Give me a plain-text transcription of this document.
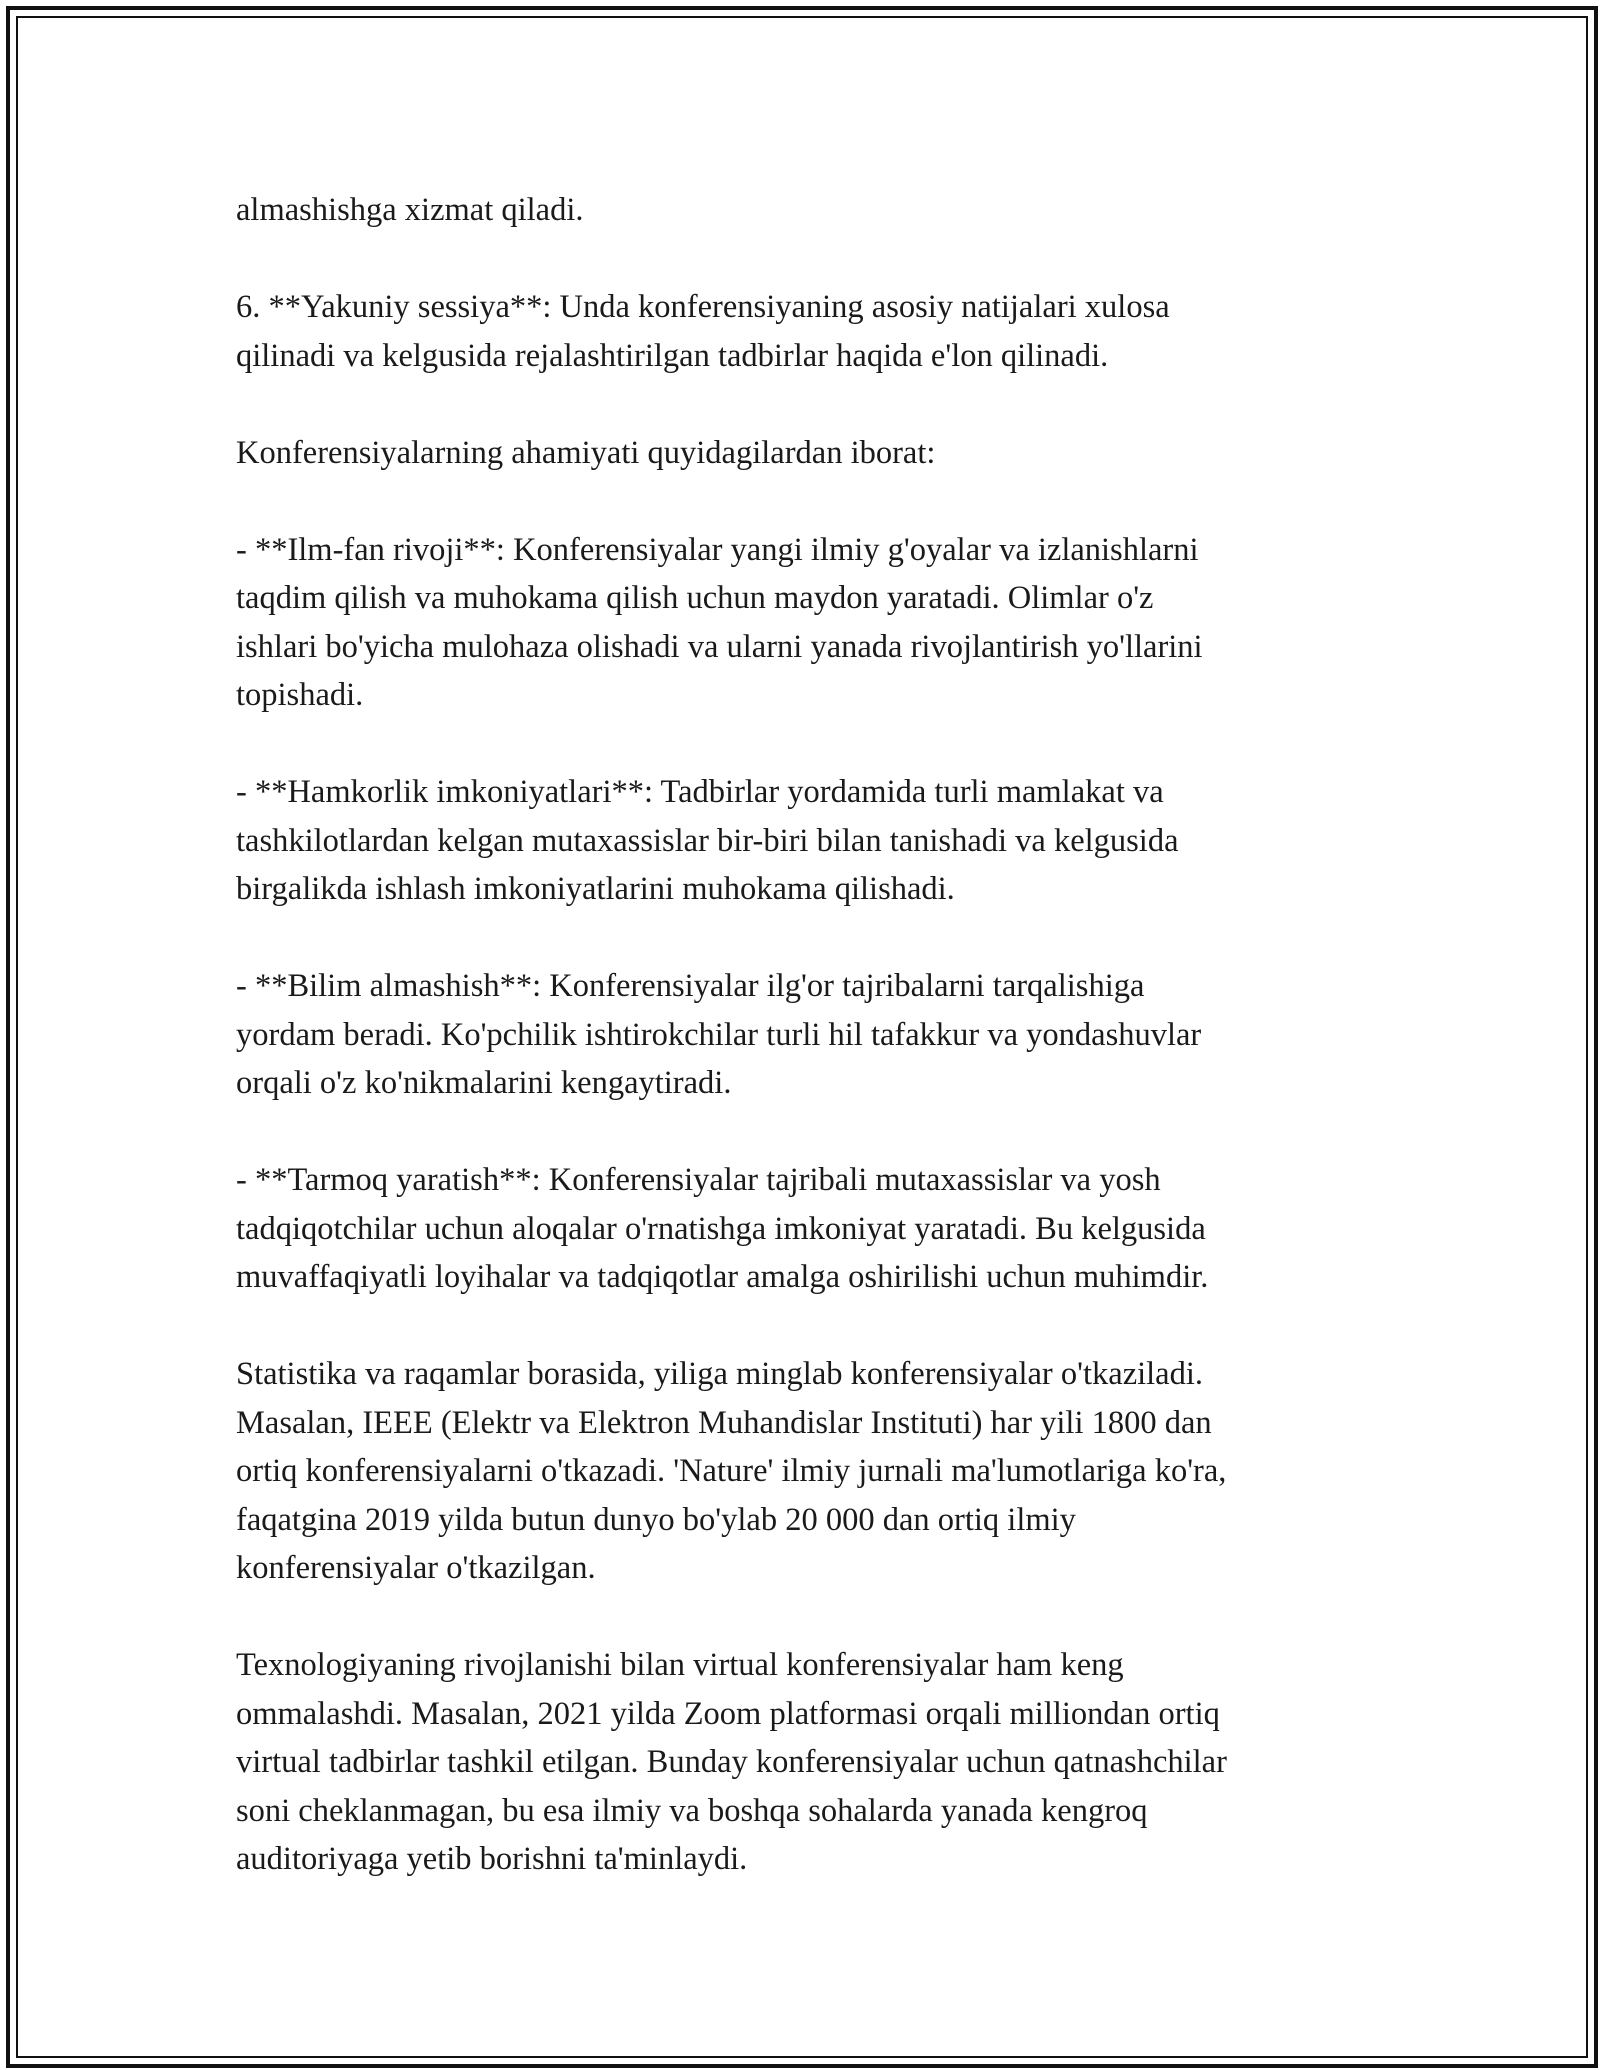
almashishga xizmat qiladi.

6. **Yakuniy sessiya**: Unda konferensiyaning asosiy natijalari xulosa
qilinadi va kelgusida rejalashtirilgan tadbirlar haqida e'lon qilinadi.

Konferensiyalarning ahamiyati quyidagilardan iborat:

- **Ilm-fan rivoji**: Konferensiyalar yangi ilmiy g'oyalar va izlanishlarni
taqdim qilish va muhokama qilish uchun maydon yaratadi. Olimlar o'z
ishlari bo'yicha mulohaza olishadi va ularni yanada rivojlantirish yo'llarini
topishadi.

- **Hamkorlik imkoniyatlari**: Tadbirlar yordamida turli mamlakat va
tashkilotlardan kelgan mutaxassislar bir-biri bilan tanishadi va kelgusida
birgalikda ishlash imkoniyatlarini muhokama qilishadi.

- **Bilim almashish**: Konferensiyalar ilg'or tajribalarni tarqalishiga
yordam beradi. Ko'pchilik ishtirokchilar turli hil tafakkur va yondashuvlar
orqali o'z ko'nikmalarini kengaytiradi.

- **Tarmoq yaratish**: Konferensiyalar tajribali mutaxassislar va yosh
tadqiqotchilar uchun aloqalar o'rnatishga imkoniyat yaratadi. Bu kelgusida
muvaffaqiyatli loyihalar va tadqiqotlar amalga oshirilishi uchun muhimdir.

Statistika va raqamlar borasida, yiliga minglab konferensiyalar o'tkaziladi.
Masalan, IEEE (Elektr va Elektron Muhandislar Instituti) har yili 1800 dan
ortiq konferensiyalarni o'tkazadi. 'Nature' ilmiy jurnali ma'lumotlariga ko'ra,
faqatgina 2019 yilda butun dunyo bo'ylab 20 000 dan ortiq ilmiy
konferensiyalar o'tkazilgan.

Texnologiyaning rivojlanishi bilan virtual konferensiyalar ham keng
ommalashdi. Masalan, 2021 yilda Zoom platformasi orqali milliondan ortiq
virtual tadbirlar tashkil etilgan. Bunday konferensiyalar uchun qatnashchilar
soni cheklanmagan, bu esa ilmiy va boshqa sohalarda yanada kengroq
auditoriyaga yetib borishni ta'minlaydi.
